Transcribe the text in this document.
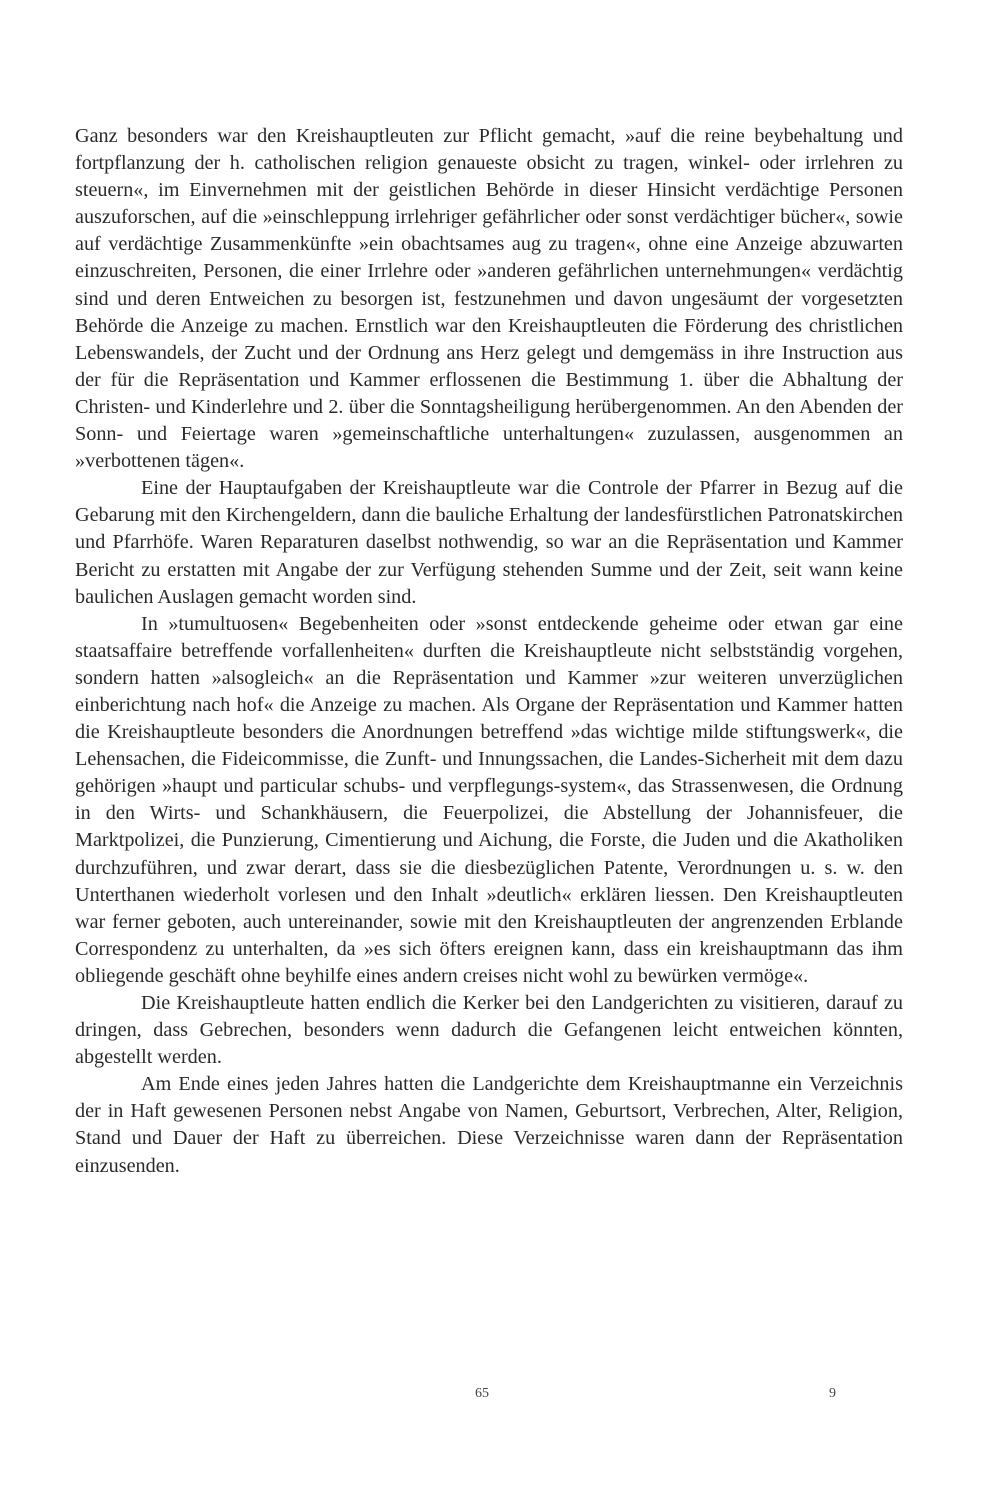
Ganz besonders war den Kreishauptleuten zur Pflicht gemacht, »auf die reine beybehaltung und fortpflanzung der h. catholischen religion genaueste obsicht zu tragen, winkel- oder irrlehren zu steuern«, im Einvernehmen mit der geistlichen Behörde in dieser Hinsicht verdächtige Personen auszuforschen, auf die »einschleppung irrlehriger gefährlicher oder sonst verdächtiger bücher«, sowie auf verdächtige Zusammenkünfte »ein obachtsames aug zu tragen«, ohne eine Anzeige abzuwarten einzuschreiten, Personen, die einer Irrlehre oder »anderen gefährlichen unternehmungen« verdächtig sind und deren Entweichen zu besorgen ist, festzunehmen und davon ungesäumt der vorgesetzten Behörde die Anzeige zu machen. Ernstlich war den Kreishauptleuten die Förderung des christlichen Lebenswandels, der Zucht und der Ordnung ans Herz gelegt und demgemäss in ihre Instruction aus der für die Repräsentation und Kammer erflossenen die Bestimmung 1. über die Abhaltung der Christen- und Kinderlehre und 2. über die Sonntagsheiligung herübergenommen. An den Abenden der Sonn- und Feiertage waren »gemeinschaftliche unterhaltungen« zuzulassen, ausgenommen an »verbottenen tägen«.

Eine der Hauptaufgaben der Kreishauptleute war die Controle der Pfarrer in Bezug auf die Gebarung mit den Kirchengeldern, dann die bauliche Erhaltung der landesfürstlichen Patronatskirchen und Pfarrhöfe. Waren Reparaturen daselbst nothwendig, so war an die Repräsentation und Kammer Bericht zu erstatten mit Angabe der zur Verfügung stehenden Summe und der Zeit, seit wann keine baulichen Auslagen gemacht worden sind.

In »tumultuosen« Begebenheiten oder »sonst entdeckende geheime oder etwan gar eine staatsaffaire betreffende vorfallenheiten« durften die Kreishauptleute nicht selbstständig vorgehen, sondern hatten »alsogleich« an die Repräsentation und Kammer »zur weiteren unverzüglichen einberichtung nach hof« die Anzeige zu machen. Als Organe der Repräsentation und Kammer hatten die Kreishauptleute besonders die Anordnungen betreffend »das wichtige milde stiftungswerk«, die Lehensachen, die Fideicommisse, die Zunft- und Innungssachen, die Landes-Sicherheit mit dem dazu gehörigen »haupt und particular schubs- und verpflegungs-system«, das Strassenwesen, die Ordnung in den Wirts- und Schankhäusern, die Feuerpolizei, die Abstellung der Johannisfeuer, die Marktpolizei, die Punzierung, Cimentierung und Aichung, die Forste, die Juden und die Akatholiken durchzuführen, und zwar derart, dass sie die diesbezüglichen Patente, Verordnungen u. s. w. den Unterthanen wiederholt vorlesen und den Inhalt »deutlich« erklären liessen. Den Kreishauptleuten war ferner geboten, auch untereinander, sowie mit den Kreishauptleuten der angrenzenden Erblande Correspondenz zu unterhalten, da »es sich öfters ereignen kann, dass ein kreishauptmann das ihm obliegende geschäft ohne beyhilfe eines andern creises nicht wohl zu bewürken vermöge«.

Die Kreishauptleute hatten endlich die Kerker bei den Landgerichten zu visitieren, darauf zu dringen, dass Gebrechen, besonders wenn dadurch die Gefangenen leicht entweichen könnten, abgestellt werden.

Am Ende eines jeden Jahres hatten die Landgerichte dem Kreishauptmanne ein Verzeichnis der in Haft gewesenen Personen nebst Angabe von Namen, Geburtsort, Verbrechen, Alter, Religion, Stand und Dauer der Haft zu überreichen. Diese Verzeichnisse waren dann der Repräsentation einzusenden.

65	9
